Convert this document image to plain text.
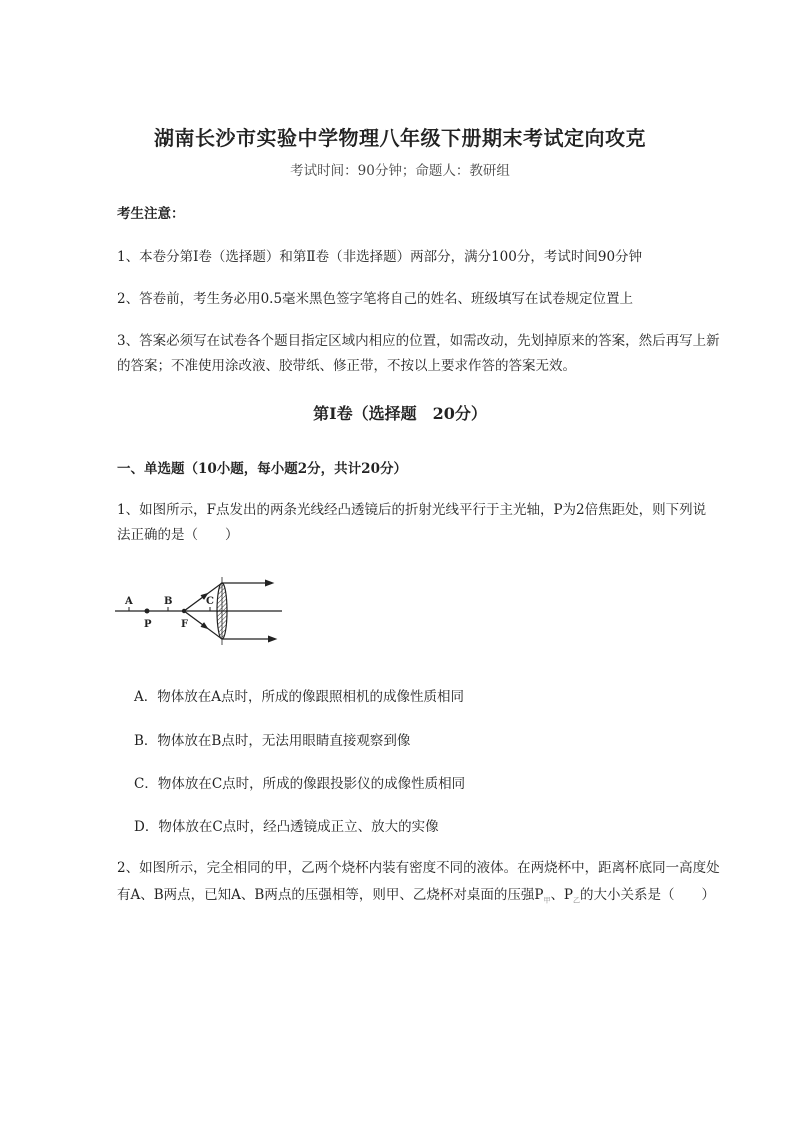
湖南长沙市实验中学物理八年级下册期末考试定向攻克
考试时间：90分钟；命题人：教研组
考生注意：
1、本卷分第Ⅰ卷（选择题）和第Ⅱ卷（非选择题）两部分，满分100分，考试时间90分钟
2、答卷前，考生务必用0.5毫米黑色签字笔将自己的姓名、班级填写在试卷规定位置上
3、答案必须写在试卷各个题目指定区域内相应的位置，如需改动，先划掉原来的答案，然后再写上新
的答案；不准使用涂改液、胶带纸、修正带，不按以上要求作答的答案无效。
第Ⅰ卷（选择题　20分）
一、单选题（10小题，每小题2分，共计20分）
1、如图所示，F点发出的两条光线经凸透镜后的折射光线平行于主光轴，P为2倍焦距处，则下列说
法正确的是（　　）
A	B	C
P	F
A．物体放在A点时，所成的像跟照相机的成像性质相同
B．物体放在B点时，无法用眼睛直接观察到像
C．物体放在C点时，所成的像跟投影仪的成像性质相同
D．物体放在C点时，经凸透镜成正立、放大的实像
2、如图所示，完全相同的甲，乙两个烧杯内装有密度不同的液体。在两烧杯中，距离杯底同一高度处
有A、B两点，已知A、B两点的压强相等，则甲、乙烧杯对桌面的压强$P_甲$、$P_乙$的大小关系是（　　）
